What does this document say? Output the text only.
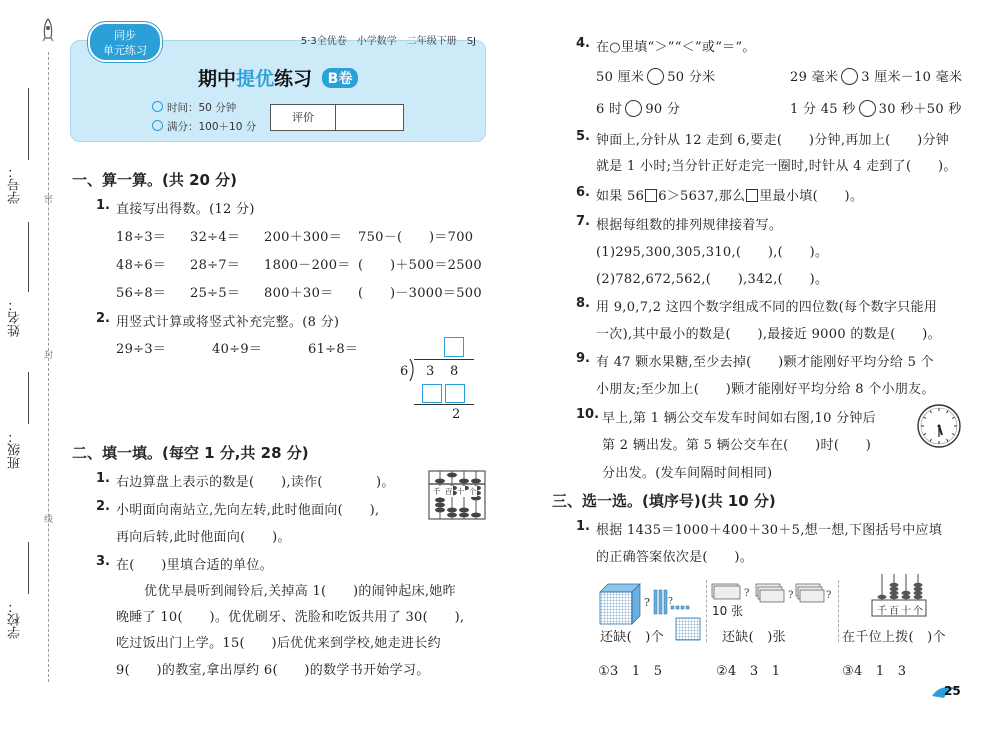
密
封
线
学号：
姓名：
班级：
学校：
5·3全优卷　小学数学　二年级下册　SJ
同步
单元练习
期中提优练习 B卷
时间：50 分钟
满分：100＋10 分
评价
一、算一算。(共 20 分)
1. 直接写出得数。(12 分)
18÷3＝ 32÷4＝ 200＋300＝ 750－(　　)＝700
48÷6＝ 28÷7＝ 1800－200＝ (　　)＋500＝2500
56÷8＝ 25÷5＝ 800＋30＝ (　　)－3000＝500
2. 用竖式计算或将竖式补充完整。(8 分)
29÷3＝	40÷9＝	61÷8＝
6 3 8
2
二、填一填。(每空 1 分,共 28 分)
1. 右边算盘上表示的数是(　　),读作(　　　　)。
千 百 十 个
2. 小明面向南站立,先向左转,此时他面向(　　),
再向后转,此时他面向(　　)。
3. 在(　　)里填合适的单位。
优优早晨听到闹铃后,关掉高 1(　　)的闹钟起床,她昨
晚睡了 10(　　)。优优刷牙、洗脸和吃饭共用了 30(　　),
吃过饭出门上学。15(　　)后优优来到学校,她走进长约
9(　　)的教室,拿出厚约 6(　　)的数学书开始学习。
4. 在○里填“＞”“＜”或“＝”。
50 厘米 50 分米	29 毫米 3 厘米－10 毫米
6 时 90 分	1 分 45 秒 30 秒＋50 秒
5. 钟面上,分针从 12 走到 6,要走(　　)分钟,再加上(　　)分钟
就是 1 小时;当分针正好走完一圈时,时针从 4 走到了(　　)。
6. 如果 56 6＞5637,那么 里最小填(　　)。
7. 根据每组数的排列规律接着写。
(1)295,300,305,310,(　　),(　　)。
(2)782,672,562,(　　),342,(　　)。
8. 用 9,0,7,2 这四个数字组成不同的四位数(每个数字只能用
一次),其中最小的数是(　　),最接近 9000 的数是(　　)。
9. 有 47 颗水果糖,至少去掉(　　)颗才能刚好平均分给 5 个
小朋友;至少加上(　　)颗才能刚好平均分给 8 个小朋友。
10. 早上,第 1 辆公交车发车时间如右图,10 分钟后
第 2 辆出发。第 5 辆公交车在(　　)时(　　)
分出发。(发车间隔时间相同)
三、选一选。(填序号)(共 10 分)
1. 根据 1435＝1000＋400＋30＋5,想一想,下图括号中应填
的正确答案依次是(　　)。
? ?
还缺(　)个
?	?	?
10 张
还缺(　)张
千 百 十 个
在千位上拨(　)个
①3　1　5	②4　3　1	③4　1　3
25
